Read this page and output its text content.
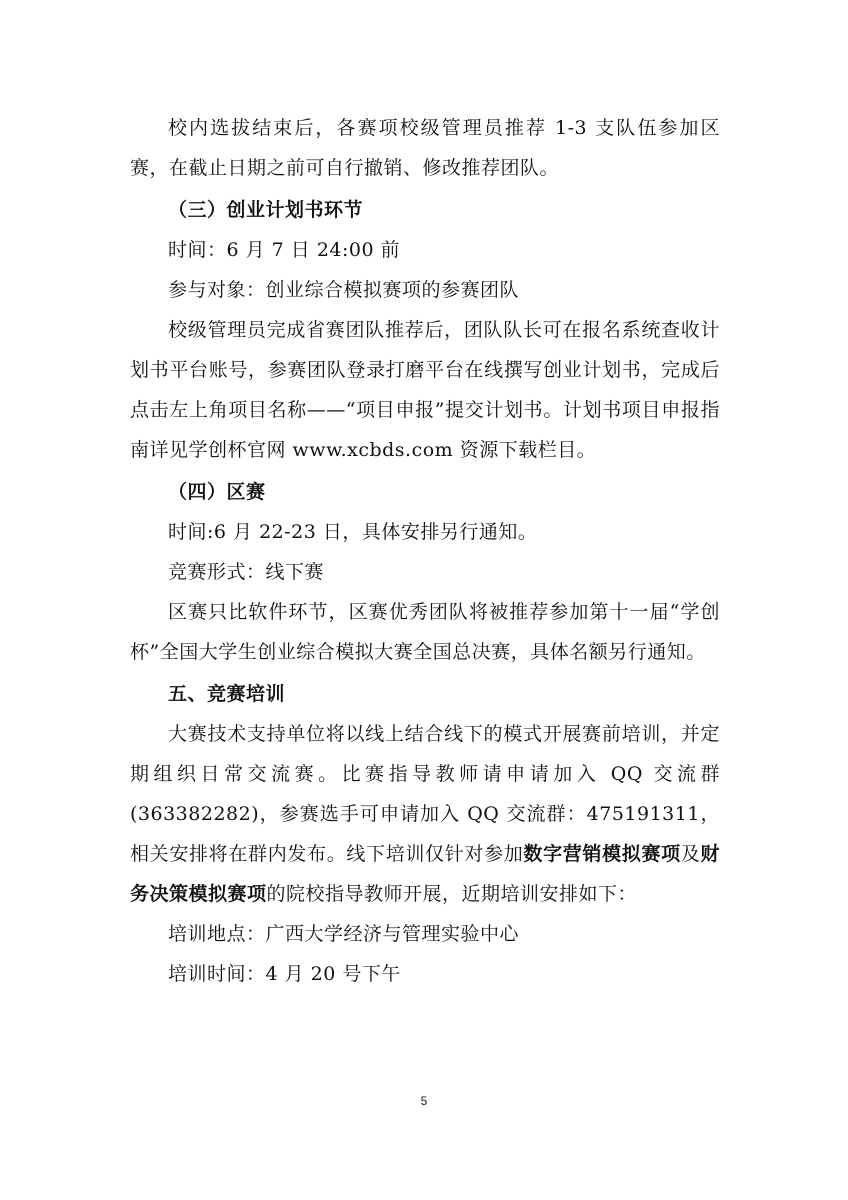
校内选拔结束后，各赛项校级管理员推荐 1-3 支队伍参加区赛，在截止日期之前可自行撤销、修改推荐团队。

（三）创业计划书环节

时间：6 月 7 日 24:00 前

参与对象：创业综合模拟赛项的参赛团队

校级管理员完成省赛团队推荐后，团队队长可在报名系统查收计划书平台账号，参赛团队登录打磨平台在线撰写创业计划书，完成后点击左上角项目名称——“项目申报”提交计划书。计划书项目申报指南详见学创杯官网 www.xcbds.com 资源下载栏目。

（四）区赛

时间:6 月 22-23 日，具体安排另行通知。

竞赛形式：线下赛

区赛只比软件环节，区赛优秀团队将被推荐参加第十一届“学创杯”全国大学生创业综合模拟大赛全国总决赛，具体名额另行通知。

五、竞赛培训

大赛技术支持单位将以线上结合线下的模式开展赛前培训，并定期组织日常交流赛。比赛指导教师请申请加入 QQ 交流群(363382282)，参赛选手可申请加入 QQ 交流群：475191311，相关安排将在群内发布。线下培训仅针对参加数字营销模拟赛项及财务决策模拟赛项的院校指导教师开展，近期培训安排如下：

培训地点：广西大学经济与管理实验中心

培训时间：4 月 20 号下午

5
